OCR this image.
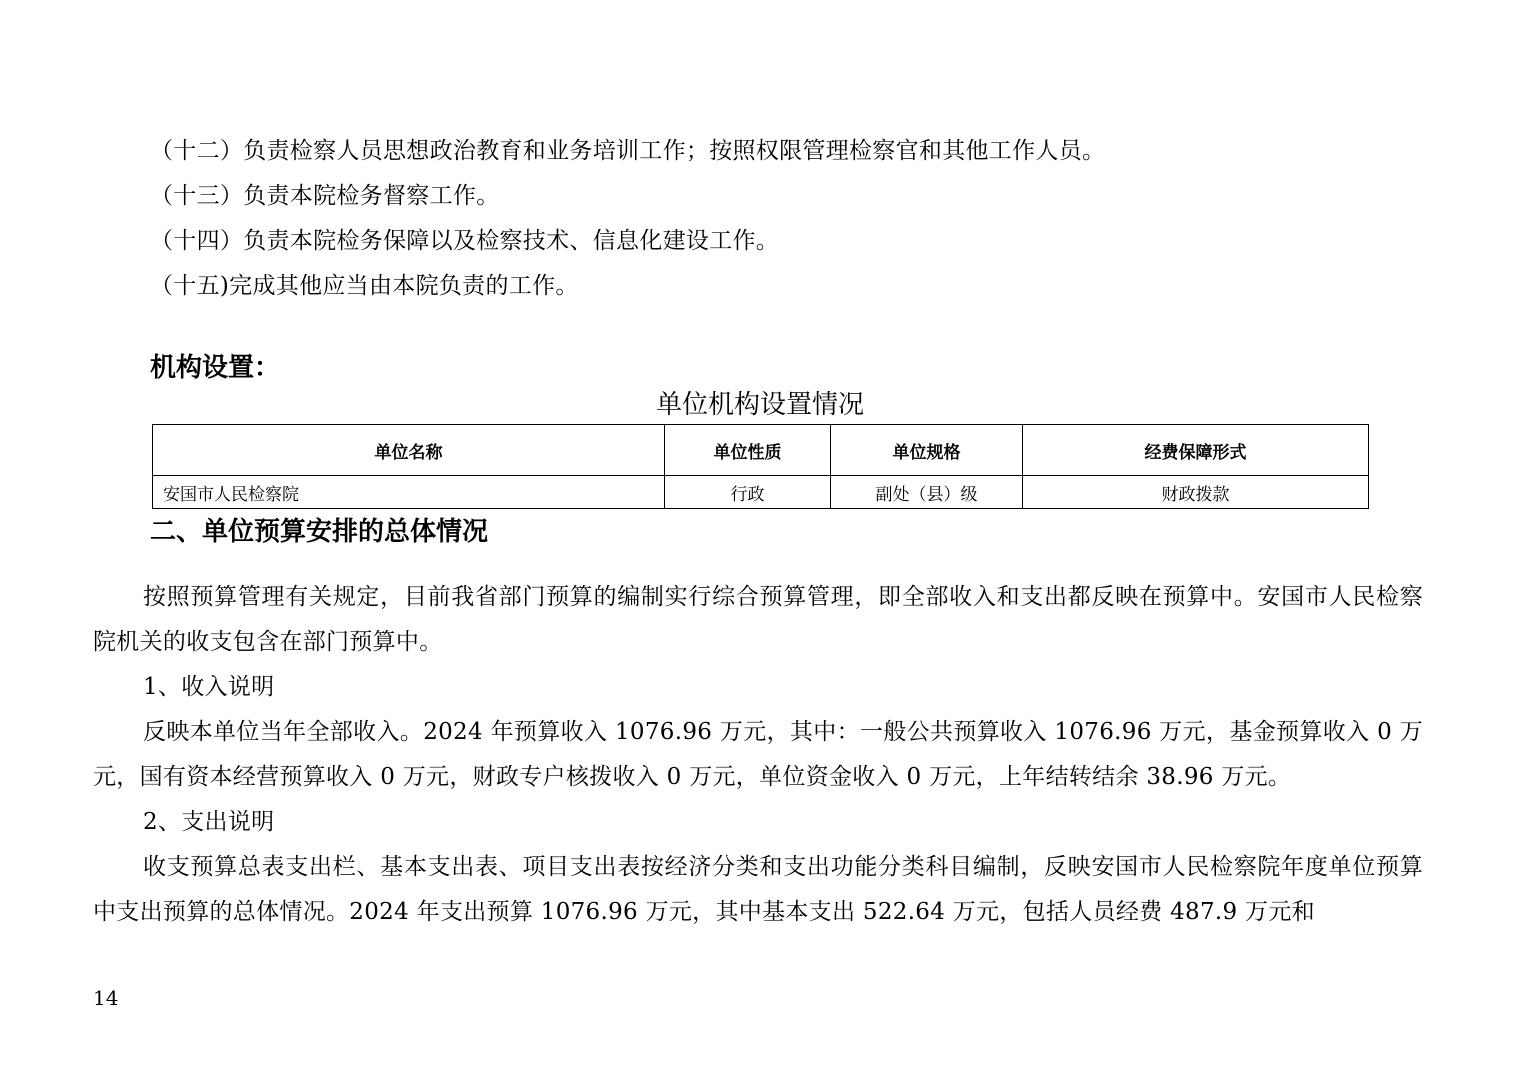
（十二）负责检察人员思想政治教育和业务培训工作；按照权限管理检察官和其他工作人员。
（十三）负责本院检务督察工作。
（十四）负责本院检务保障以及检察技术、信息化建设工作。
（十五)完成其他应当由本院负责的工作。
机构设置：
单位机构设置情况
单位名称	单位性质	单位规格	经费保障形式
安国市人民检察院	行政	副处（县）级	财政拨款
二、单位预算安排的总体情况
按照预算管理有关规定，目前我省部门预算的编制实行综合预算管理，即全部收入和支出都反映在预算中。安国市人民检察院机关的收支包含在部门预算中。
1、收入说明
反映本单位当年全部收入。2024 年预算收入 1076.96 万元，其中：一般公共预算收入 1076.96 万元，基金预算收入 0 万元，国有资本经营预算收入 0 万元，财政专户核拨收入 0 万元，单位资金收入 0 万元，上年结转结余 38.96 万元。
2、支出说明
收支预算总表支出栏、基本支出表、项目支出表按经济分类和支出功能分类科目编制，反映安国市人民检察院年度单位预算中支出预算的总体情况。2024 年支出预算 1076.96 万元，其中基本支出 522.64 万元，包括人员经费 487.9 万元和
14
